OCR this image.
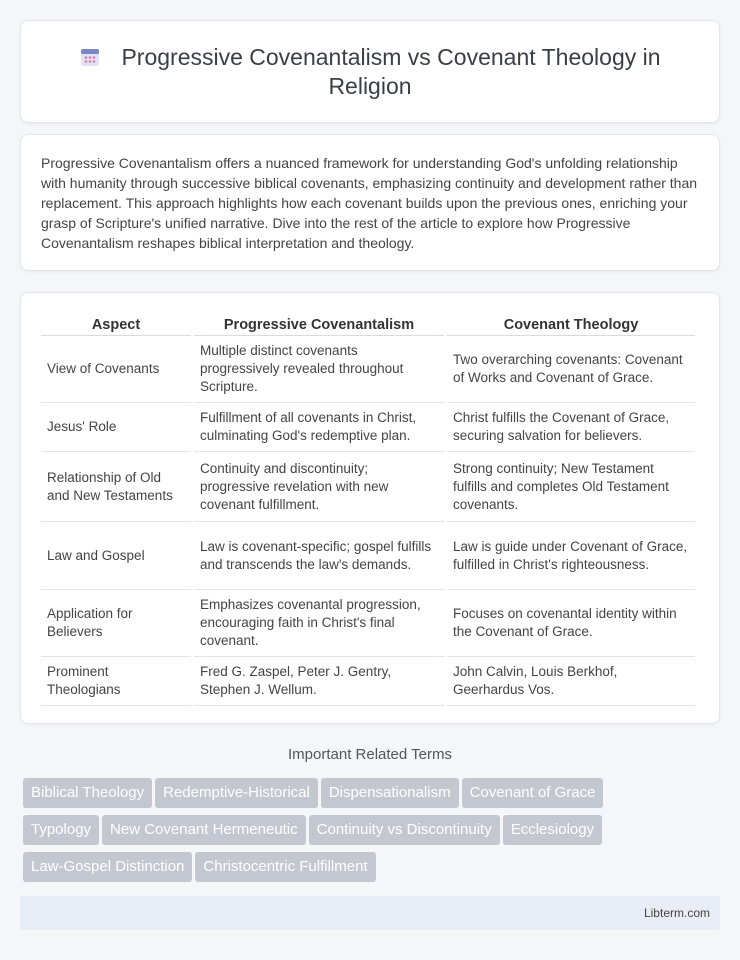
Progressive Covenantalism vs Covenant Theology in Religion

Progressive Covenantalism offers a nuanced framework for understanding God's unfolding relationship with humanity through successive biblical covenants, emphasizing continuity and development rather than replacement. This approach highlights how each covenant builds upon the previous ones, enriching your grasp of Scripture's unified narrative. Dive into the rest of the article to explore how Progressive Covenantalism reshapes biblical interpretation and theology.

Aspect	Progressive Covenantalism	Covenant Theology
View of Covenants	Multiple distinct covenants progressively revealed throughout Scripture.	Two overarching covenants: Covenant of Works and Covenant of Grace.
Jesus' Role	Fulfillment of all covenants in Christ, culminating God's redemptive plan.	Christ fulfills the Covenant of Grace, securing salvation for believers.
Relationship of Old and New Testaments	Continuity and discontinuity; progressive revelation with new covenant fulfillment.	Strong continuity; New Testament fulfills and completes Old Testament covenants.
Law and Gospel	Law is covenant-specific; gospel fulfills and transcends the law's demands.	Law is guide under Covenant of Grace, fulfilled in Christ's righteousness.
Application for Believers	Emphasizes covenantal progression, encouraging faith in Christ's final covenant.	Focuses on covenantal identity within the Covenant of Grace.
Prominent Theologians	Fred G. Zaspel, Peter J. Gentry, Stephen J. Wellum.	John Calvin, Louis Berkhof, Geerhardus Vos.
Important Related Terms
Biblical Theology Redemptive-Historical Dispensationalism Covenant of Grace
Typology New Covenant Hermeneutic Continuity vs Discontinuity Ecclesiology
Law-Gospel Distinction Christocentric Fulfillment
Libterm.com
